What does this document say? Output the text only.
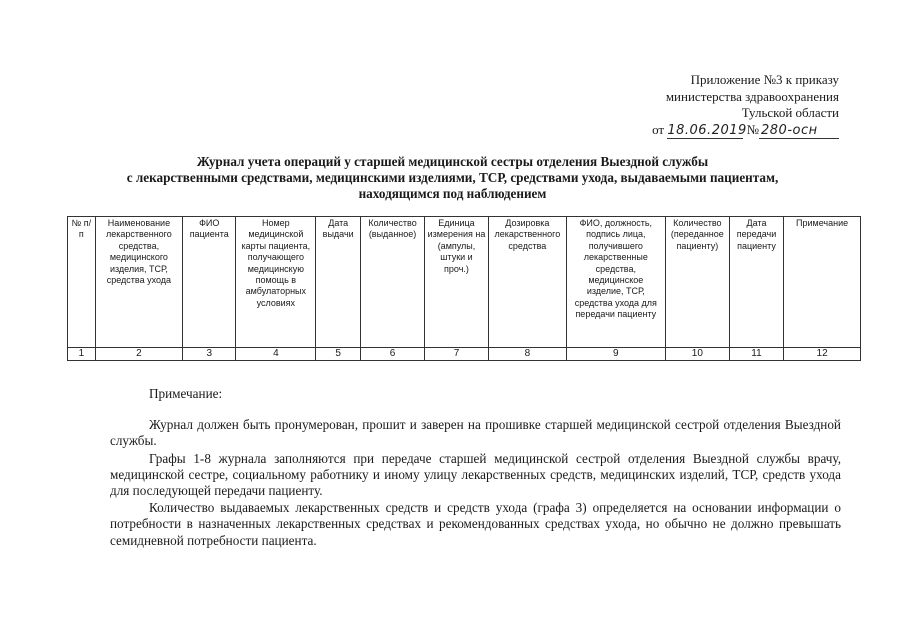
Приложение №3 к приказу
министерства здравоохранения
Тульской области
от 18.06.2019 № 280-осн
Журнал учета операций у старшей медицинской сестры отделения Выездной службы
с лекарственными средствами, медицинскими изделиями, ТСР, средствами ухода, выдаваемыми пациентам,
находящимся под наблюдением
№ п/п	Наименование лекарственного средства, медицинского изделия, ТСР, средства ухода	ФИО пациента	Номер медицинской карты пациента, получающего медицинскую помощь в амбулаторных условиях	Дата выдачи	Количество (выданное)	Единица измерения на (ампулы, штуки и проч.)	Дозировка лекарственного средства	ФИО, должность, подпись лица, получившего лекарственные средства, медицинское изделие, ТСР, средства ухода для передачи пациенту	Количество (переданное пациенту)	Дата передачи пациенту	Примечание
1	2	3	4	5	6	7	8	9	10	11	12
Примечание:

Журнал должен быть пронумерован, прошит и заверен на прошивке старшей медицинской сестрой отделения Выездной службы.

Графы 1-8 журнала заполняются при передаче старшей медицинской сестрой отделения Выездной службы врачу, медицинской сестре, социальному работнику и иному улицу лекарственных средств, медицинских изделий, ТСР, средств ухода для последующей передачи пациенту.

Количество выдаваемых лекарственных средств и средств ухода (графа 3) определяется на основании информации о потребности в назначенных лекарственных средствах и рекомендованных средствах ухода, но обычно не должно превышать семидневной потребности пациента.
